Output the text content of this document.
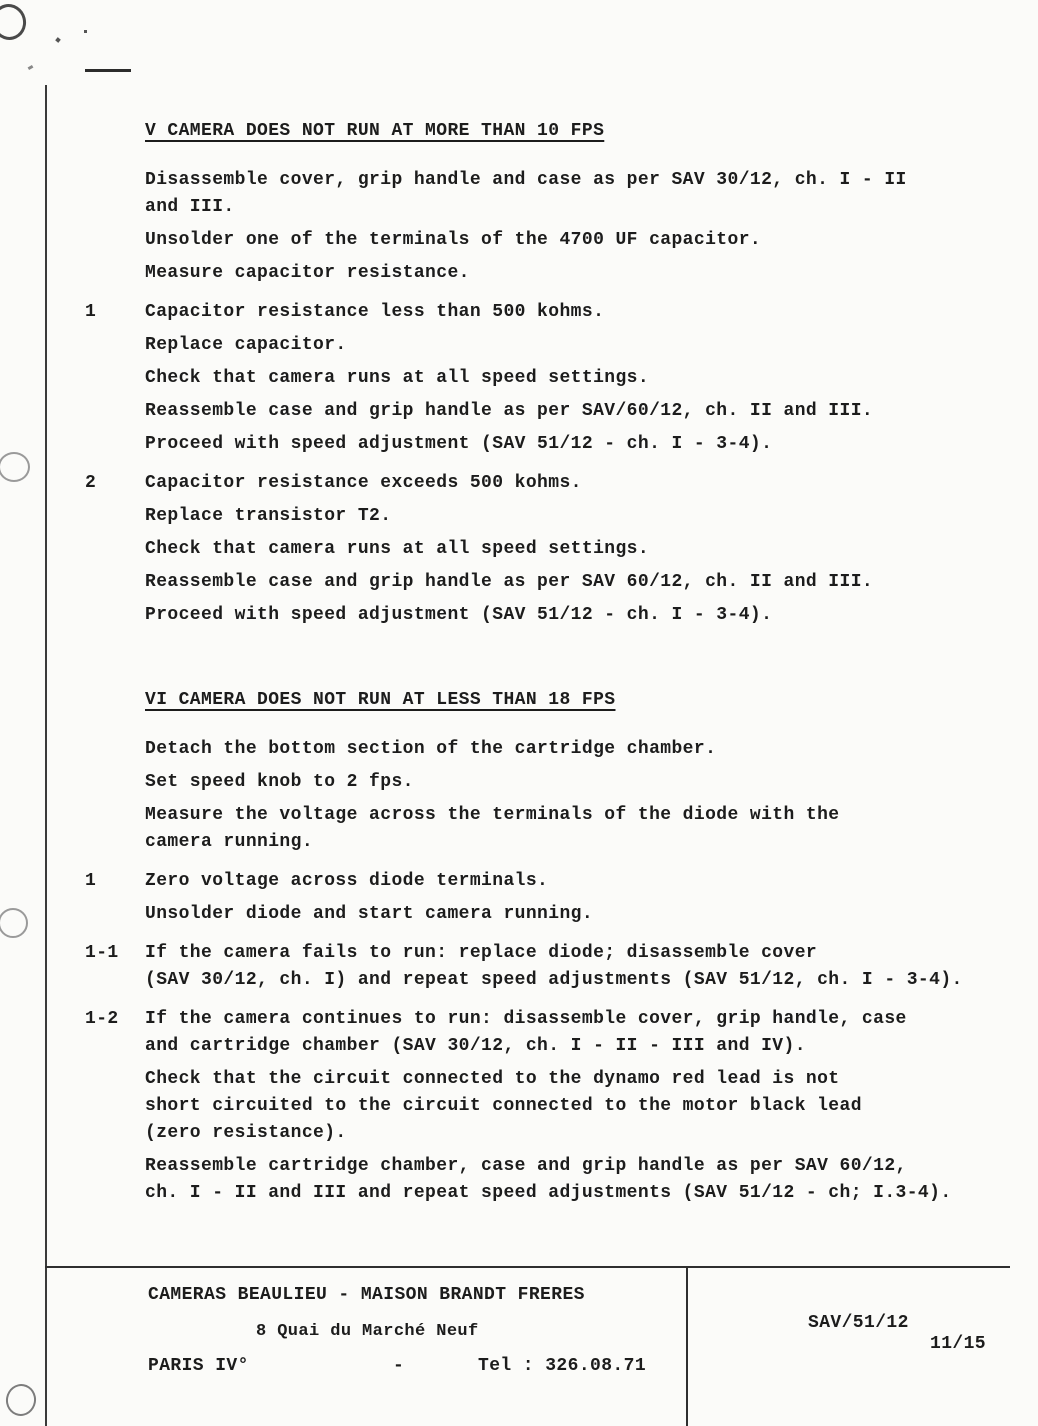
V CAMERA DOES NOT RUN AT MORE THAN 10 FPS
Disassemble cover, grip handle and case as per SAV 30/12, ch. I - II
and III.
Unsolder one of the terminals of the 4700 UF capacitor.
Measure capacitor resistance.
1	Capacitor resistance less than 500 kohms.
Replace capacitor.
Check that camera runs at all speed settings.
Reassemble case and grip handle as per SAV/60/12, ch. II and III.
Proceed with speed adjustment (SAV 51/12 - ch. I - 3-4).
2	Capacitor resistance exceeds 500 kohms.
Replace transistor T2.
Check that camera runs at all speed settings.
Reassemble case and grip handle as per SAV 60/12, ch. II and III.
Proceed with speed adjustment (SAV 51/12 - ch. I - 3-4).
VI CAMERA DOES NOT RUN AT LESS THAN 18 FPS
Detach the bottom section of the cartridge chamber.
Set speed knob to 2 fps.
Measure the voltage across the terminals of the diode with the
camera running.
1	Zero voltage across diode terminals.
Unsolder diode and start camera running.
1-1 If the camera fails to run: replace diode; disassemble cover
(SAV 30/12, ch. I) and repeat speed adjustments (SAV 51/12, ch. I - 3-4).
1-2 If the camera continues to run: disassemble cover, grip handle, case
and cartridge chamber (SAV 30/12, ch. I - II - III and IV).
Check that the circuit connected to the dynamo red lead is not
short circuited to the circuit connected to the motor black lead
(zero resistance).
Reassemble cartridge chamber, case and grip handle as per SAV 60/12,
ch. I - II and III and repeat speed adjustments (SAV 51/12 - ch; I.3-4).
CAMERAS BEAULIEU - MAISON BRANDT FRERES
8 Quai du Marché Neuf
PARIS IV°	-	Tel : 326.08.71
SAV/51/12
11/15
